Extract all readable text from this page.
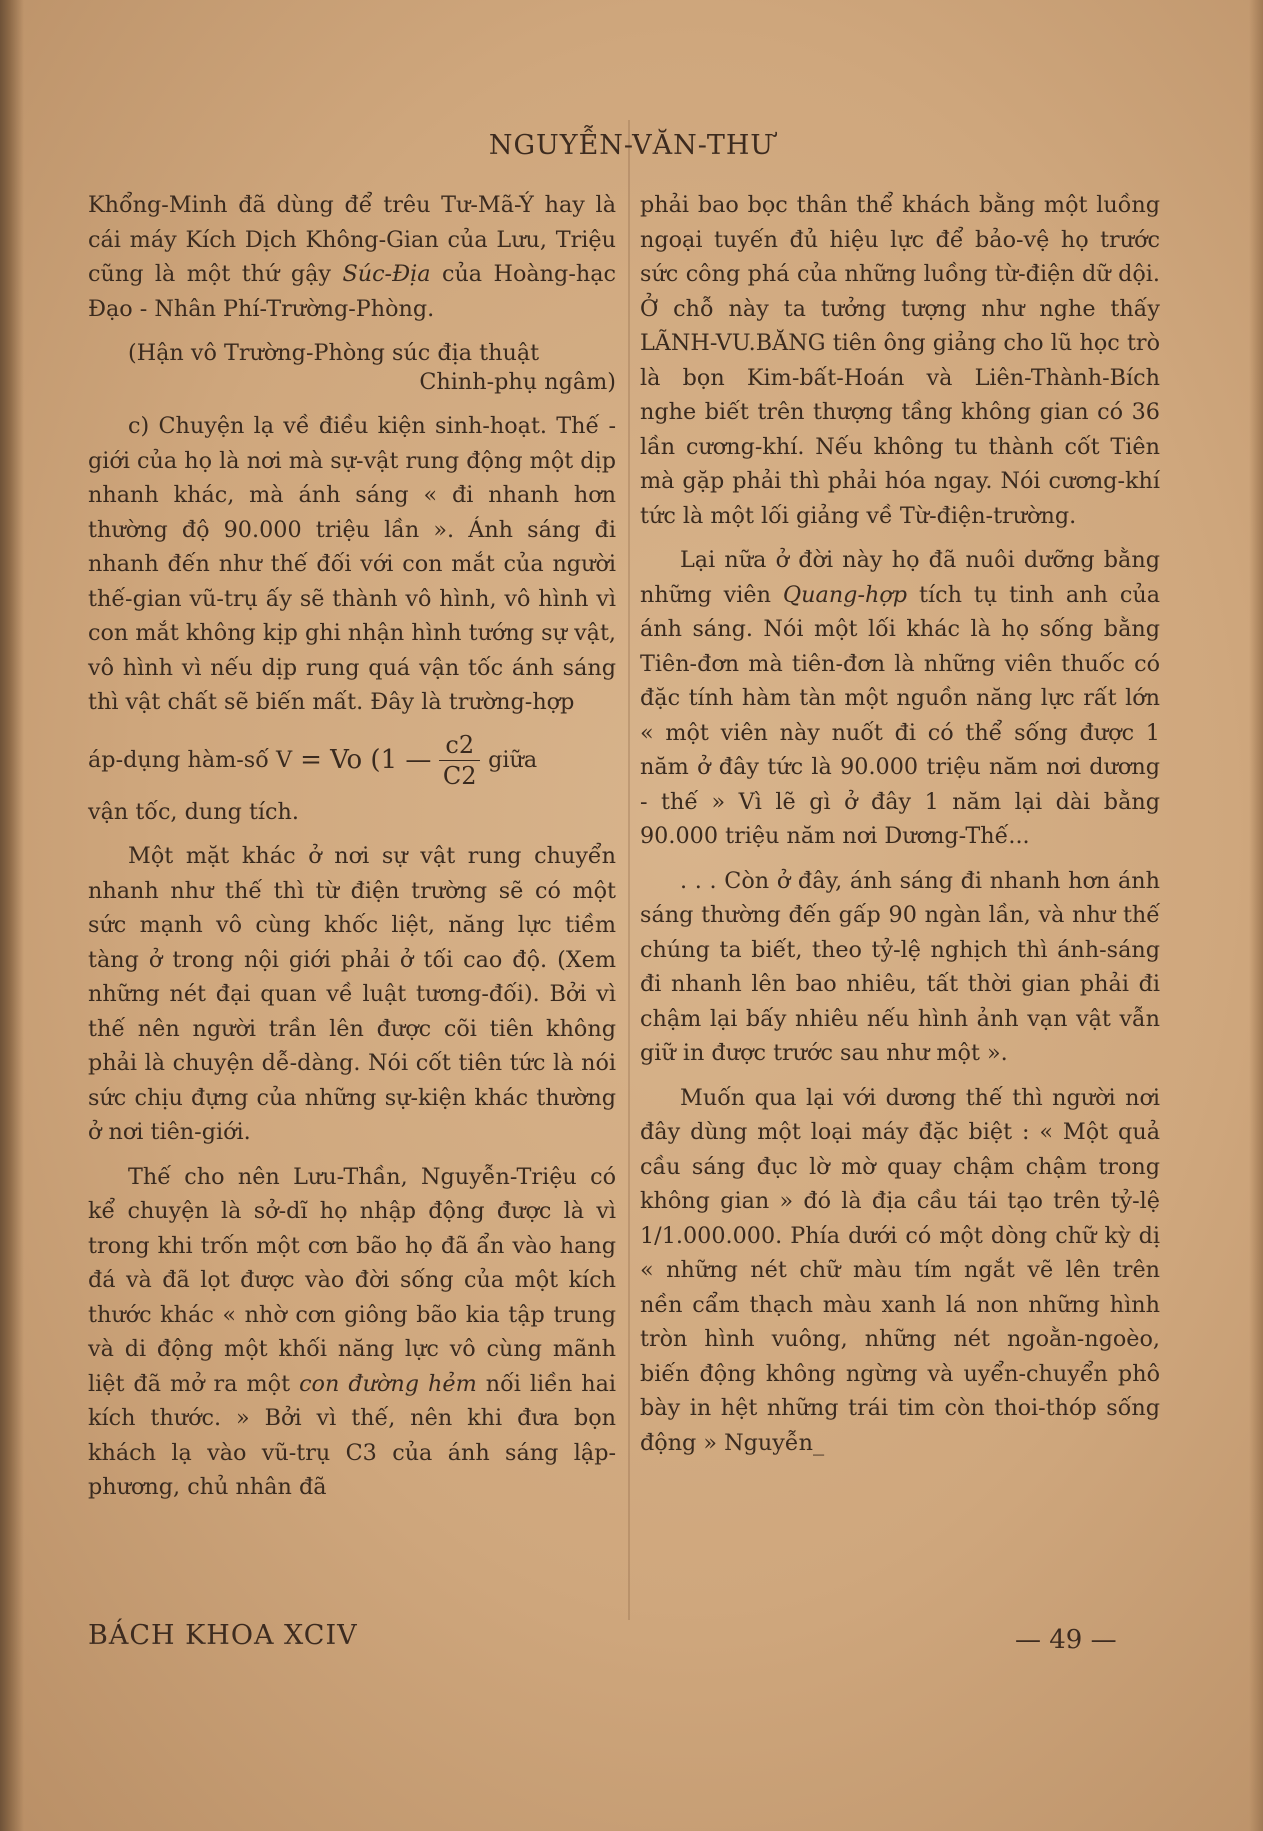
NGUYỄN-VĂN-THƯ

Khổng-Minh đã dùng để trêu Tư-Mã-Ý hay là cái máy Kích Dịch Không-Gian của Lưu, Triệu cũng là một thứ gậy Súc-Địa của Hoàng-hạc Đạo - Nhân Phí-Trường-Phòng.

(Hận vô Trường-Phòng súc địa thuật

Chinh-phụ ngâm)

c) Chuyện lạ về điều kiện sinh-hoạt. Thế - giới của họ là nơi mà sự-vật rung động một dịp nhanh khác, mà ánh sáng « đi nhanh hơn thường độ 90.000 triệu lần ». Ánh sáng đi nhanh đến như thế đối với con mắt của người thế-gian vũ-trụ ấy sẽ thành vô hình, vô hình vì con mắt không kịp ghi nhận hình tướng sự vật, vô hình vì nếu dịp rung quá vận tốc ánh sáng thì vật chất sẽ biến mất. Đây là trường-hợp

áp-dụng hàm-số V = Vo (1 — $\frac{c2}{C2}$ giữa

vận tốc, dung tích.

Một mặt khác ở nơi sự vật rung chuyển nhanh như thế thì từ điện trường sẽ có một sức mạnh vô cùng khốc liệt, năng lực tiềm tàng ở trong nội giới phải ở tối cao độ. (Xem những nét đại quan về luật tương-đối). Bởi vì thế nên người trần lên được cõi tiên không phải là chuyện dễ-dàng. Nói cốt tiên tức là nói sức chịu đựng của những sự-kiện khác thường ở nơi tiên-giới.

Thế cho nên Lưu-Thần, Nguyễn-Triệu có kể chuyện là sở-dĩ họ nhập động được là vì trong khi trốn một cơn bão họ đã ẩn vào hang đá và đã lọt được vào đời sống của một kích thước khác « nhờ cơn giông bão kia tập trung và di động một khối năng lực vô cùng mãnh liệt đã mở ra một con đường hẻm nối liền hai kích thước. » Bởi vì thế, nên khi đưa bọn khách lạ vào vũ-trụ C3 của ánh sáng lập-phương, chủ nhân đã

phải bao bọc thân thể khách bằng một luồng ngoại tuyến đủ hiệu lực để bảo-vệ họ trước sức công phá của những luồng từ-điện dữ dội. Ở chỗ này ta tưởng tượng như nghe thấy LÃNH-VU.BĂNG tiên ông giảng cho lũ học trò là bọn Kim-bất-Hoán và Liên-Thành-Bích nghe biết trên thượng tầng không gian có 36 lần cương-khí. Nếu không tu thành cốt Tiên mà gặp phải thì phải hóa ngay. Nói cương-khí tức là một lối giảng về Từ-điện-trường.

Lại nữa ở đời này họ đã nuôi dưỡng bằng những viên Quang-hợp tích tụ tinh anh của ánh sáng. Nói một lối khác là họ sống bằng Tiên-đơn mà tiên-đơn là những viên thuốc có đặc tính hàm tàn một nguồn năng lực rất lớn « một viên này nuốt đi có thể sống được 1 năm ở đây tức là 90.000 triệu năm nơi dương - thế » Vì lẽ gì ở đây 1 năm lại dài bằng 90.000 triệu năm nơi Dương-Thế...

. . . Còn ở đây, ánh sáng đi nhanh hơn ánh sáng thường đến gấp 90 ngàn lần, và như thế chúng ta biết, theo tỷ-lệ nghịch thì ánh-sáng đi nhanh lên bao nhiêu, tất thời gian phải đi chậm lại bấy nhiêu nếu hình ảnh vạn vật vẫn giữ in được trước sau như một ».

Muốn qua lại với dương thế thì người nơi đây dùng một loại máy đặc biệt : « Một quả cầu sáng đục lờ mờ quay chậm chậm trong không gian » đó là địa cầu tái tạo trên tỷ-lệ 1/1.000.000. Phía dưới có một dòng chữ kỳ dị « những nét chữ màu tím ngắt vẽ lên trên nền cẩm thạch màu xanh lá non những hình tròn hình vuông, những nét ngoằn-ngoèo, biến động không ngừng và uyển-chuyển phô bày in hệt những trái tim còn thoi-thóp sống động » Nguyễn_

BÁCH KHOA XCIV	— 49 —
